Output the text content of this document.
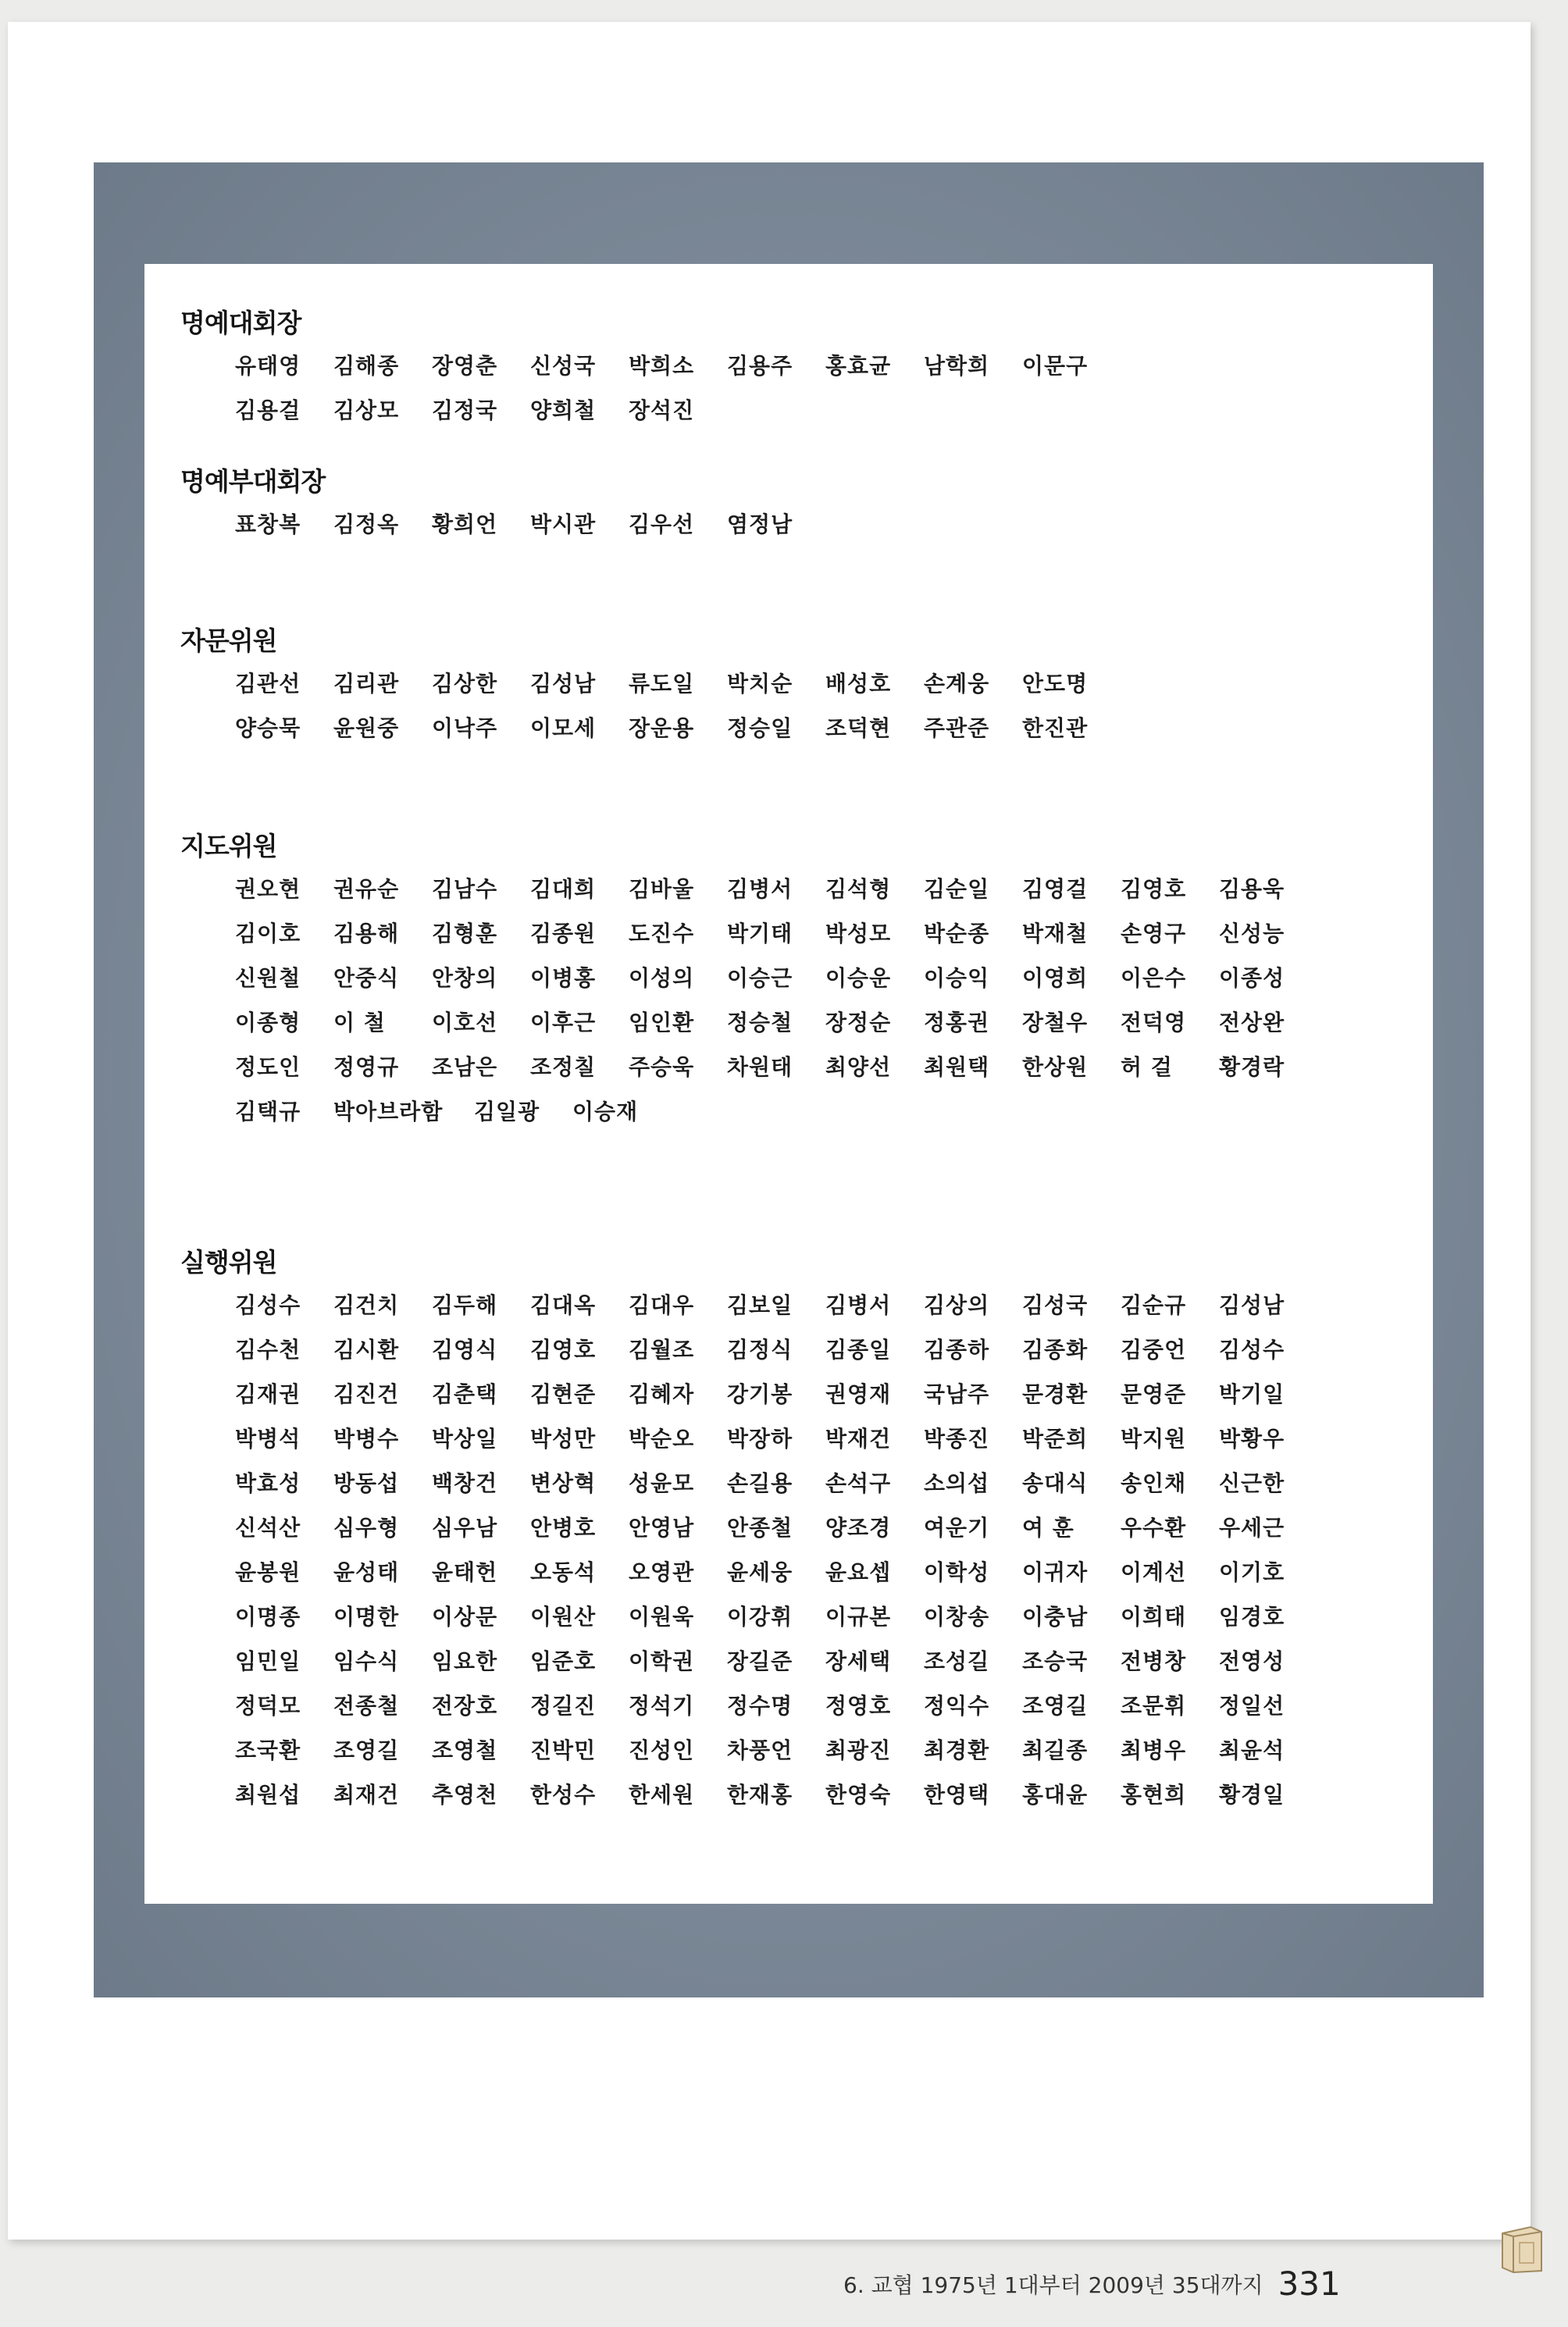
명예대회장
유태영 김해종 장영춘 신성국 박희소 김용주 홍효균 남학희 이문구
김용걸 김상모 김정국 양희철 장석진
명예부대회장
표창복 김정옥 황희언 박시관 김우선 염정남
자문위원
김관선 김리관 김상한 김성남 류도일 박치순 배성호 손계웅 안도명
양승묵 윤원중 이낙주 이모세 장운용 정승일 조덕현 주관준 한진관
지도위원
권오현 권유순 김남수 김대희 김바울 김병서 김석형 김순일 김영걸 김영호 김용욱
김이호 김용해 김형훈 김종원 도진수 박기태 박성모 박순종 박재철 손영구 신성능
신원철 안중식 안창의 이병홍 이성의 이승근 이승운 이승익 이영희 이은수 이종성
이종형 이 철 이호선 이후근 임인환 정승철 장정순 정홍권 장철우 전덕영 전상완
정도인 정영규 조남은 조정칠 주승욱 차원태 최양선 최원택 한상원 허 걸 황경락
김택규 박아브라함 김일광 이승재
실행위원
김성수 김건치 김두해 김대옥 김대우 김보일 김병서 김상의 김성국 김순규 김성남
김수천 김시환 김영식 김영호 김월조 김정식 김종일 김종하 김종화 김중언 김성수
김재권 김진건 김춘택 김현준 김혜자 강기봉 권영재 국남주 문경환 문영준 박기일
박병석 박병수 박상일 박성만 박순오 박장하 박재건 박종진 박준희 박지원 박황우
박효성 방동섭 백창건 변상혁 성윤모 손길용 손석구 소의섭 송대식 송인채 신근한
신석산 심우형 심우남 안병호 안영남 안종철 양조경 여운기 여 훈 우수환 우세근
윤봉원 윤성태 윤태헌 오동석 오영관 윤세웅 윤요셉 이학성 이귀자 이계선 이기호
이명종 이명한 이상문 이원산 이원욱 이강휘 이규본 이창송 이충남 이희태 임경호
임민일 임수식 임요한 임준호 이학권 장길준 장세택 조성길 조승국 전병창 전영성
정덕모 전종철 전장호 정길진 정석기 정수명 정영호 정익수 조영길 조문휘 정일선
조국환 조영길 조영철 진박민 진성인 차풍언 최광진 최경환 최길종 최병우 최윤석
최원섭 최재건 추영천 한성수 한세원 한재홍 한영숙 한영택 홍대윤 홍현희 황경일
6. 교협 1975년 1대부터 2009년 35대까지 331
